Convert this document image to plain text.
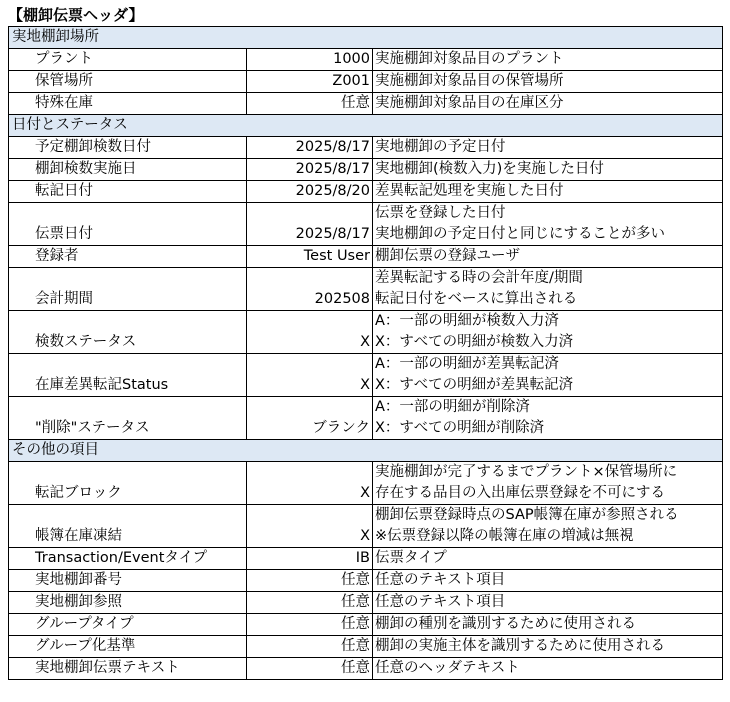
【棚卸伝票ヘッダ】
実地棚卸場所		
プラント	1000	実施棚卸対象品目のプラント

保管場所	Z001	実施棚卸対象品目の保管場所

特殊在庫	任意	実施棚卸対象品目の在庫区分

日付とステータス		
予定棚卸検数日付	2025/8/17	実地棚卸の予定日付

棚卸検数実施日	2025/8/17	実地棚卸(検数入力)を実施した日付

転記日付	2025/8/20	差異転記処理を実施した日付

伝票日付	2025/8/17	伝票を登録した日付
実地棚卸の予定日付と同じにすることが多い

登録者	Test User	棚卸伝票の登録ユーザ

会計期間	202508	差異転記する時の会計年度/期間
転記日付をベースに算出される

検数ステータス	X	A：一部の明細が検数入力済
X：すべての明細が検数入力済

在庫差異転記Status	X	A：一部の明細が差異転記済
X：すべての明細が差異転記済

"削除"ステータス	ブランク	A：一部の明細が削除済
X：すべての明細が削除済

その他の項目		
転記ブロック	X	実施棚卸が完了するまでプラント×保管場所に
存在する品目の入出庫伝票登録を不可にする

帳簿在庫凍結	X	棚卸伝票登録時点のSAP帳簿在庫が参照される
※伝票登録以降の帳簿在庫の増減は無視

Transaction/Eventタイプ	IB	伝票タイプ

実地棚卸番号	任意	任意のテキスト項目

実地棚卸参照	任意	任意のテキスト項目

グループタイプ	任意	棚卸の種別を識別するために使用される

グループ化基準	任意	棚卸の実施主体を識別するために使用される

実地棚卸伝票テキスト	任意	任意のヘッダテキスト
